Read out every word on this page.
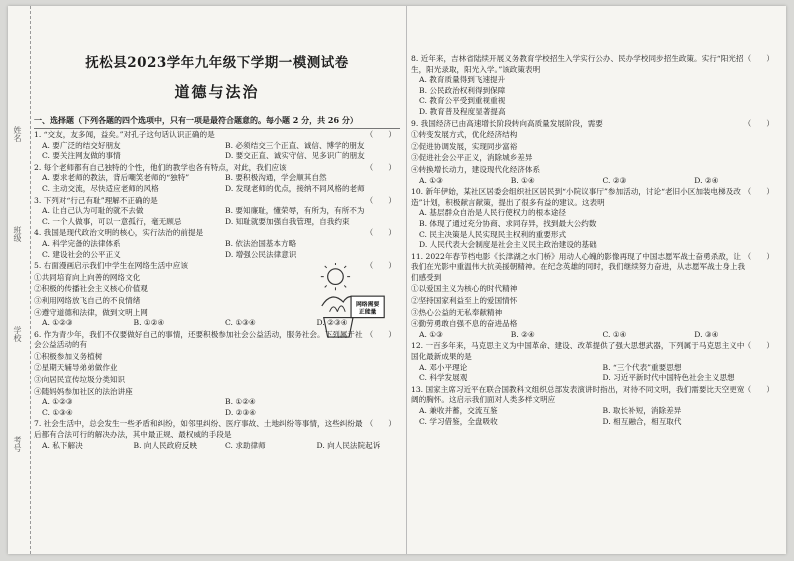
姓名
班级
学校
考号
抚松县2023学年九年级下学期一模测试卷
道德与法治
一、选择题（下列各题的四个选项中，只有一项是最符合题意的。每小题 2 分，共 26 分）
1. “交友，友多闻，益矣。”对孔子这句话认识正确的是	（　　）
A. 要广泛的结交好朋友	B. 必须结交三个正直、诚信、博学的朋友
C. 要关注网友做的事情	D. 要交正直、诚实守信、见多识广的朋友
2. 每个老师都有自己独特的个性，他们的教学也各有特点，对此，我们应该	（　　）
A. 要求老师的教法，背后嘲笑老师的“独特”	B. 要积极沟通，学会顺其自然
C. 主动交流，尽快适应老师的风格	D. 发现老师的优点，接纳不同风格的老师
3. 下列对“行己有耻”理解不正确的是	（　　）
A. 让自己认为可耻的就不去做	B. 要知廉耻，懂荣辱，有所为，有所不为
C. 一个人做事，可以一意孤行，毫无顾忌	D. 知耻就要加强自我管理，自我约束
4. 我国是现代政治文明的核心，实行法治的前提是	（　　）
A. 科学完备的法律体系	B. 依法治国基本方略
C. 建设社会的公平正义	D. 增强公民法律意识
5. 右面漫画启示我们中学生在网络生活中应该	（　　）
①共同培育向上向善的网络文化
②积极的传播社会主义核心价值观
③利用网络放飞自己的不良情绪
④遵守道德和法律，做到文明上网
A. ①②③	B. ①②④	C. ①③④	D. ②③④
网络需要
正能量
6. 作为青少年，我们不仅要做好自己的事情，还要积极参加社会公益活动，服务社会。下列属于社会公益活动的有
（　　）
①积极参加义务植树
②星期天辅导弟弟做作业
③向居民宣传垃圾分类知识
④随妈妈参加社区的法治讲座
A. ①②③	B. ①②④
C. ①③④	D. ②③④
7. 社会生活中，总会发生一些矛盾和纠纷，如邻里纠纷、医疗事故、土地纠纷等事情，这些纠纷最后都有合法可行的解决办法，其中最正规、最权威的手段是
（　　）
A. 私下解决	B. 向人民政府反映	C. 求助律师	D. 向人民法院起诉
8. 近年来，吉林省陆续开展义务教育学校招生入学实行公办、民办学校同步招生政策。实行“阳光招生，阳光录取，阳光入学。”该政策表明
（　　）
A. 教育质量得到飞速提升
B. 公民政治权利得到保障
C. 教育公平受到重视重视
D. 教育普及程度显著提高
9. 我国经济已由高速增长阶段转向高质量发展阶段，需要	（　　）
①转变发展方式，优化经济结构
②促进协调发展，实现同步富裕
③促进社会公平正义，消除城乡差异
④转换增长动力，建设现代化经济体系
A. ①③	B. ①④	C. ②③	D. ②④
10. 新年伊始，某社区居委会组织社区居民到“小院议事厅”参加活动，讨论“老旧小区加装电梯及改造”计划，积极献言献策，提出了很多有益的建议。这表明
（　　）
A. 基层群众自治是人民行使权力的根本途径
B. 体现了通过充分协商、求同存异，找到最大公约数
C. 民主决策是人民实现民主权利的重要形式
D. 人民代表大会制度是社会主义民主政治建设的基础
11. 2022年春节档电影《长津湖之水门桥》用动人心魄的影像再现了中国志愿军战士奋勇杀敌，让我们在光影中重温伟大抗美援朝精神。在纪念英雄的同时，我们继续努力奋进，从志愿军战士身上我们感受到
（　　）
①以爱国主义为核心的时代精神
②坚持国家利益至上的爱国情怀
③热心公益的无私奉献精神
④勤劳勇敢自强不息的奋进品格
A. ①③	B. ②④	C. ①④	D. ③④
12. 一百多年来，马克思主义为中国革命、建设、改革提供了强大思想武器，下列属于马克思主义中国化最新成果的是
（　　）
A. 邓小平理论	B. “三个代表”重要思想
C. 科学发展观	D. 习近平新时代中国特色社会主义思想
13. 国家主席习近平在联合国教科文组织总部发表演讲时指出，对待不同文明，我们需要比天空更宽阔的胸怀。这启示我们面对人类多样文明应
（　　）
A. 兼收并蓄，交流互鉴	B. 取长补短，消除差异
C. 学习借鉴，全盘吸收	D. 相互融合，相互取代
